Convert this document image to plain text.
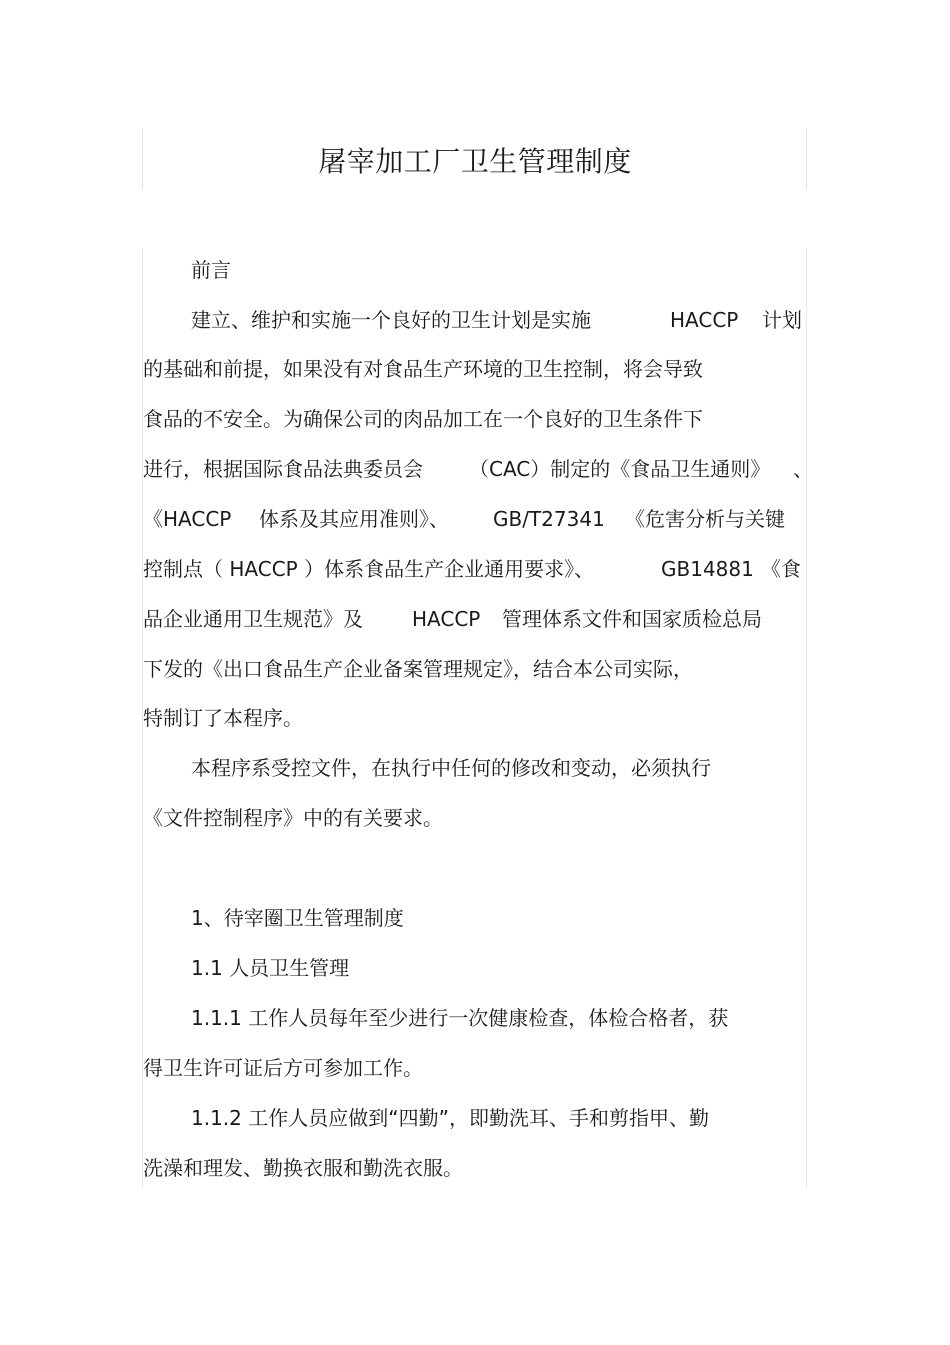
屠宰加工厂卫生管理制度

前言

建立、维护和实施一个良好的卫生计划是实施	HACCP 计划

的基础和前提，如果没有对食品生产环境的卫生控制，将会导致

食品的不安全。为确保公司的肉品加工在一个良好的卫生条件下

进行，根据国际食品法典委员会 （CAC）制定的《食品卫生通则》 、

《HACCP 体系及其应用准则》、 GB/T27341 《危害分析与关键

控制点（ HACCP ）体系食品生产企业通用要求》、	GB14881 《食

品企业通用卫生规范》及 HACCP 管理体系文件和国家质检总局

下发的《出口食品生产企业备案管理规定》，结合本公司实际，

特制订了本程序。

本程序系受控文件，在执行中任何的修改和变动，必须执行

《文件控制程序》中的有关要求。

1、待宰圈卫生管理制度

1.1 人员卫生管理

1.1.1 工作人员每年至少进行一次健康检查，体检合格者，获

得卫生许可证后方可参加工作。

1.1.2 工作人员应做到“四勤”，即勤洗耳、手和剪指甲、勤

洗澡和理发、勤换衣服和勤洗衣服。
